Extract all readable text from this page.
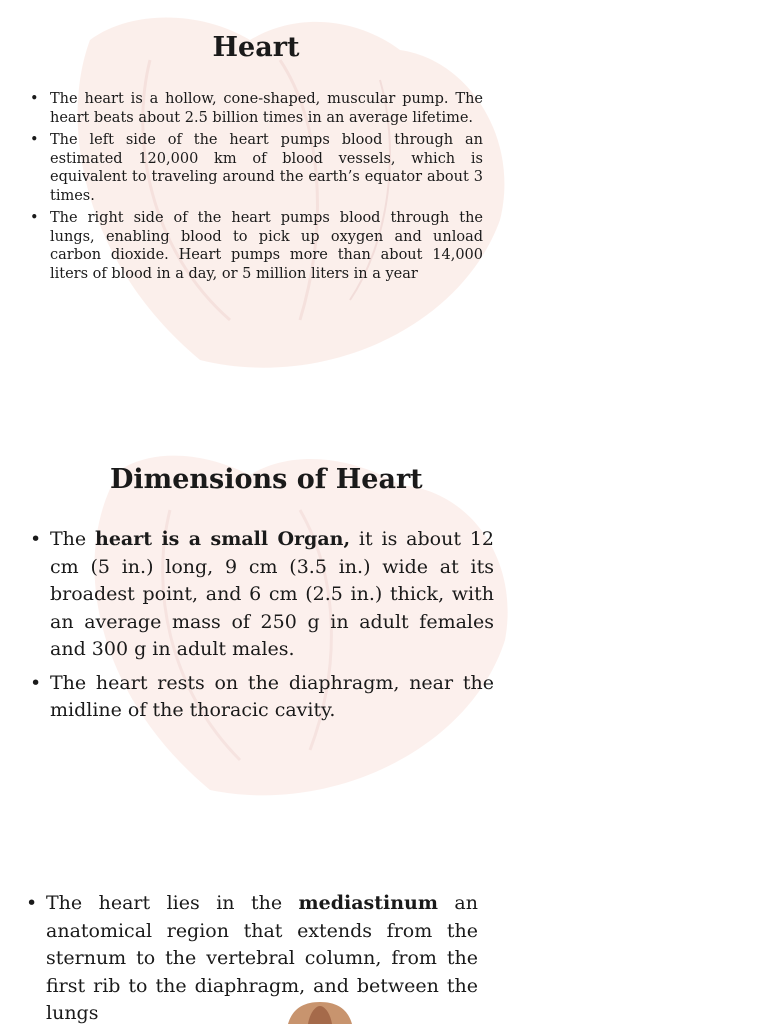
Heart
• The heart is a hollow, cone-shaped, muscular pump. The heart beats about 2.5 billion times in an average lifetime.
• The left side of the heart pumps blood through an estimated 120,000 km of blood vessels, which is equivalent to traveling around the earth’s equator about 3 times.
• The right side of the heart pumps blood through the lungs, enabling blood to pick up oxygen and unload carbon dioxide. Heart pumps more than about 14,000 liters of blood in a day, or 5 million liters in a year
Dimensions of Heart
• The heart is a small Organ, it is about 12 cm (5 in.) long, 9 cm (3.5 in.) wide at its broadest point, and 6 cm (2.5 in.) thick, with an average mass of 250 g in adult females and 300 g in adult males.
• The heart rests on the diaphragm, near the midline of the thoracic cavity.
• The heart lies in the mediastinum an anatomical region that extends from the sternum to the vertebral column, from the first rib to the diaphragm, and between the lungs
